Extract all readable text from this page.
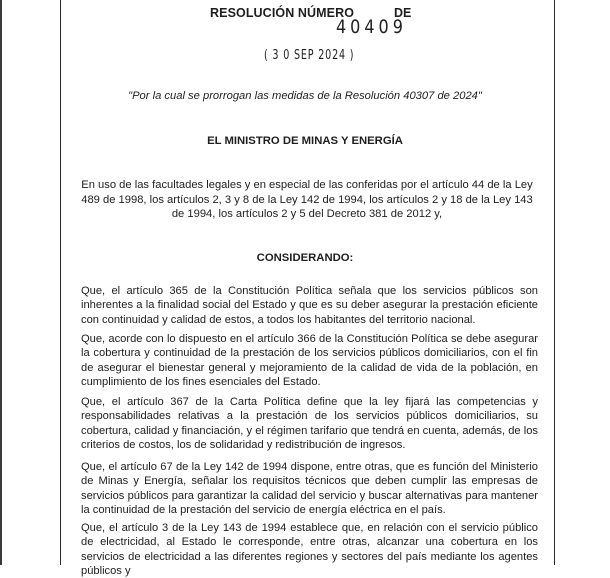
RESOLUCIÓN NÚMERO	DE
40409
( 3 0 SEP 2024 )
"Por la cual se prorrogan las medidas de la Resolución 40307 de 2024"
EL MINISTRO DE MINAS Y ENERGÍA
En uso de las facultades legales y en especial de las conferidas por el artículo 44 de la Ley 489 de 1998, los artículos 2, 3 y 8 de la Ley 142 de 1994, los artículos 2 y 18 de la Ley 143 de 1994, los artículos 2 y 5 del Decreto 381 de 2012 y,
CONSIDERANDO:
Que, el artículo 365 de la Constitución Política señala que los servicios públicos son inherentes a la finalidad social del Estado y que es su deber asegurar la prestación eficiente con continuidad y calidad de estos, a todos los habitantes del territorio nacional.
Que, acorde con lo dispuesto en el artículo 366 de la Constitución Política se debe asegurar la cobertura y continuidad de la prestación de los servicios públicos domiciliarios, con el fin de asegurar el bienestar general y mejoramiento de la calidad de vida de la población, en cumplimiento de los fines esenciales del Estado.
Que, el artículo 367 de la Carta Política define que la ley fijará las competencias y responsabilidades relativas a la prestación de los servicios públicos domiciliarios, su cobertura, calidad y financiación, y el régimen tarifario que tendrá en cuenta, además, de los criterios de costos, los de solidaridad y redistribución de ingresos.
Que, el artículo 67 de la Ley 142 de 1994 dispone, entre otras, que es función del Ministerio de Minas y Energía, señalar los requisitos técnicos que deben cumplir las empresas de servicios públicos para garantizar la calidad del servicio y buscar alternativas para mantener la continuidad de la prestación del servicio de energía eléctrica en el país.
Que, el artículo 3 de la Ley 143 de 1994 establece que, en relación con el servicio público de electricidad, al Estado le corresponde, entre otras, alcanzar una cobertura en los servicios de electricidad a las diferentes regiones y sectores del país mediante los agentes públicos y
